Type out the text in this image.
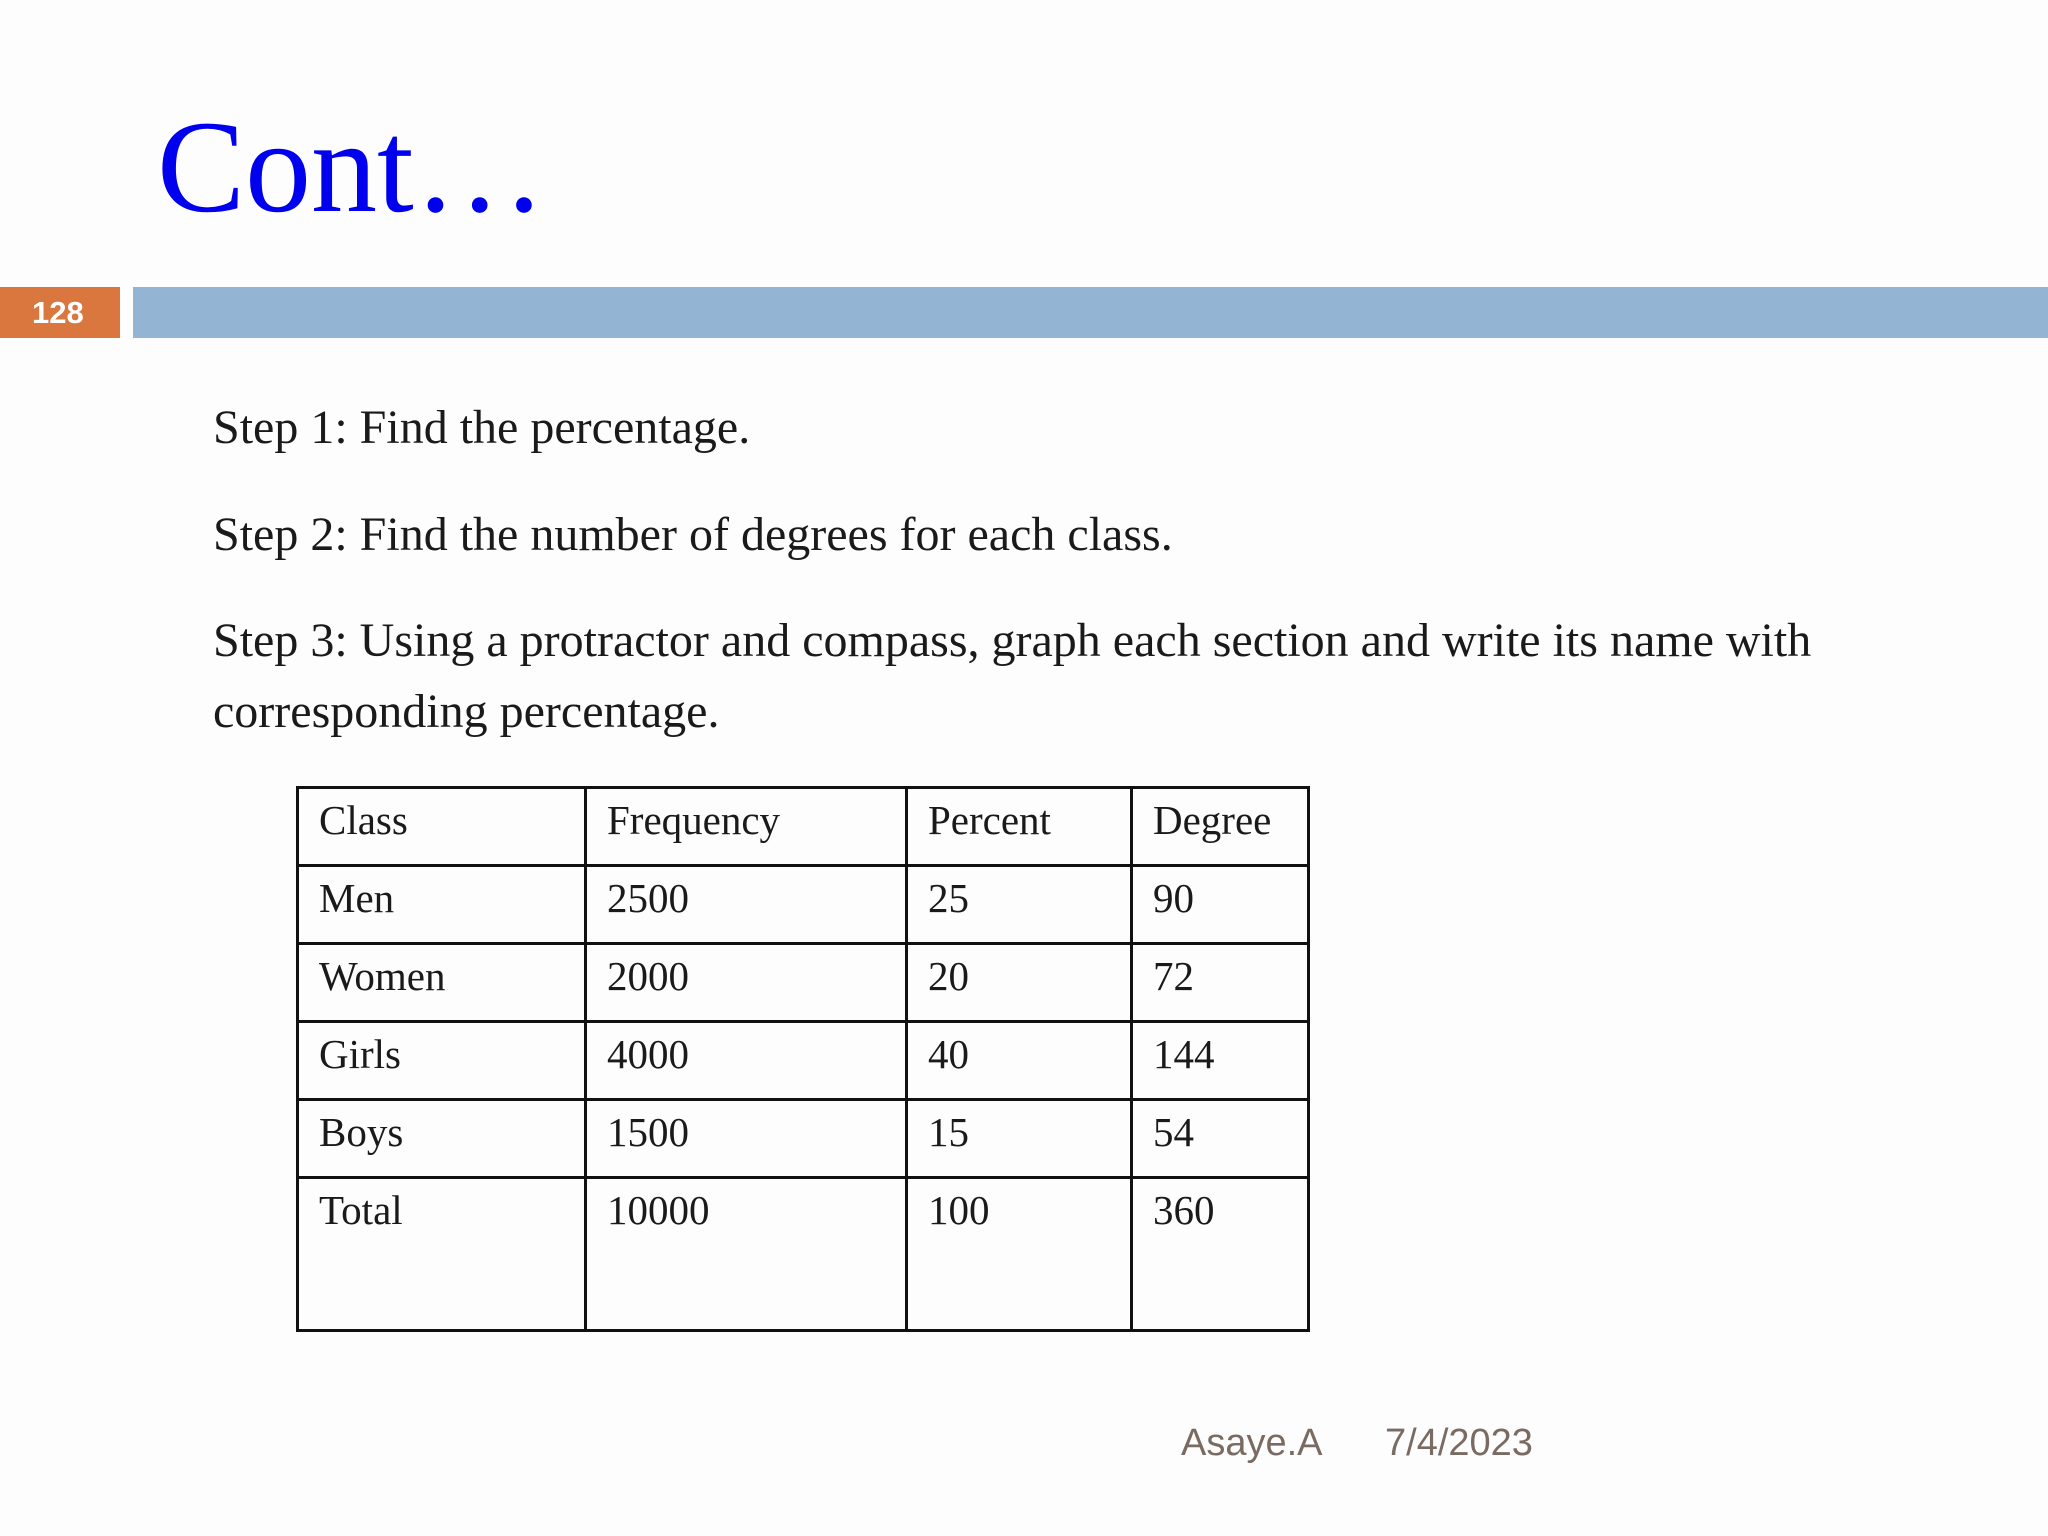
Cont…
128
Step 1: Find the percentage.
Step 2: Find the number of degrees for each class.
Step 3: Using a protractor and compass, graph each section and write its name with corresponding percentage.
Class	Frequency	Percent	Degree
Men	2500	25	90
Women	2000	20	72
Girls	4000	40	144
Boys	1500	15	54
Total	10000	100	360
Asaye.A 7/4/2023
